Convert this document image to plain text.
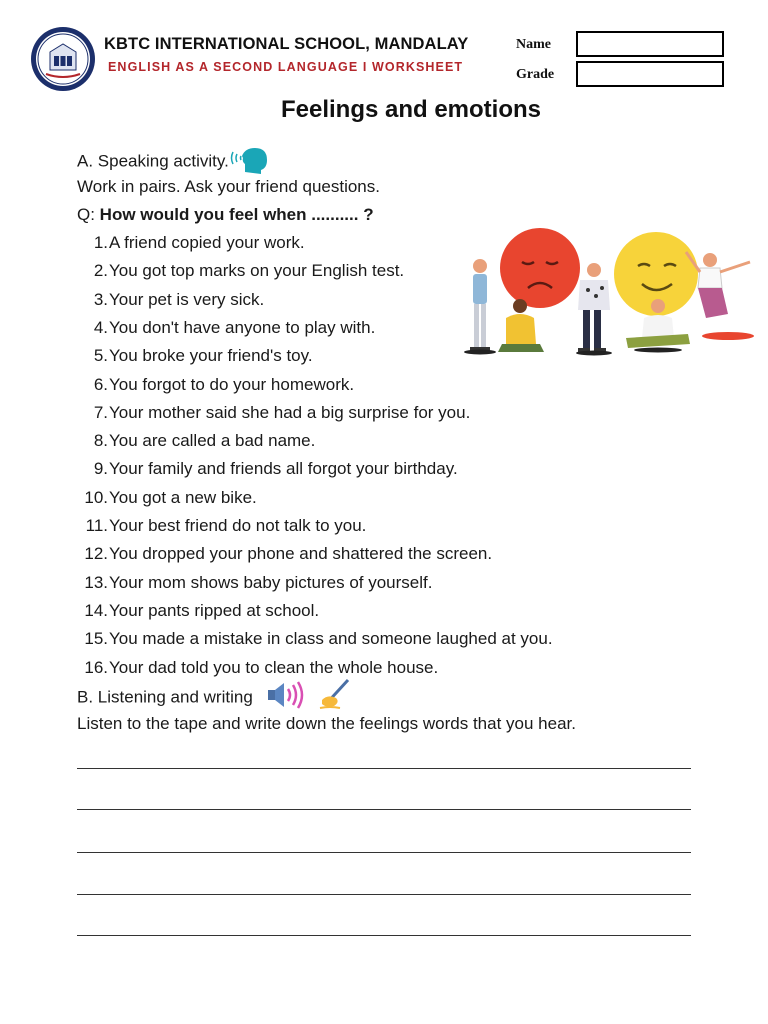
KBTC INTERNATIONAL SCHOOL, MANDALAY
ENGLISH AS A SECOND LANGUAGE I WORKSHEET
Name
Grade
Feelings and emotions
A. Speaking activity.
Work in pairs. Ask your friend questions.
Q: How would you feel when .......... ?
1.A friend copied your work.
2.You got top marks on your English test.
3.Your pet is very sick.
4.You don't have anyone to play with.
5.You broke your friend's toy.
6.You forgot to do your homework.
7.Your mother said she had a big surprise for you.
8.You are called a bad name.
9.Your family and friends all forgot your birthday.
10.You got a new bike.
11.Your best friend do not talk to you.
12.You dropped your phone and shattered the screen.
13.Your mom shows baby pictures of yourself.
14.Your pants ripped at school.
15.You made a mistake in class and someone laughed at you.
16.Your dad told you to clean the whole house.
B. Listening and writing
Listen to the tape and write down the feelings words that you hear.
